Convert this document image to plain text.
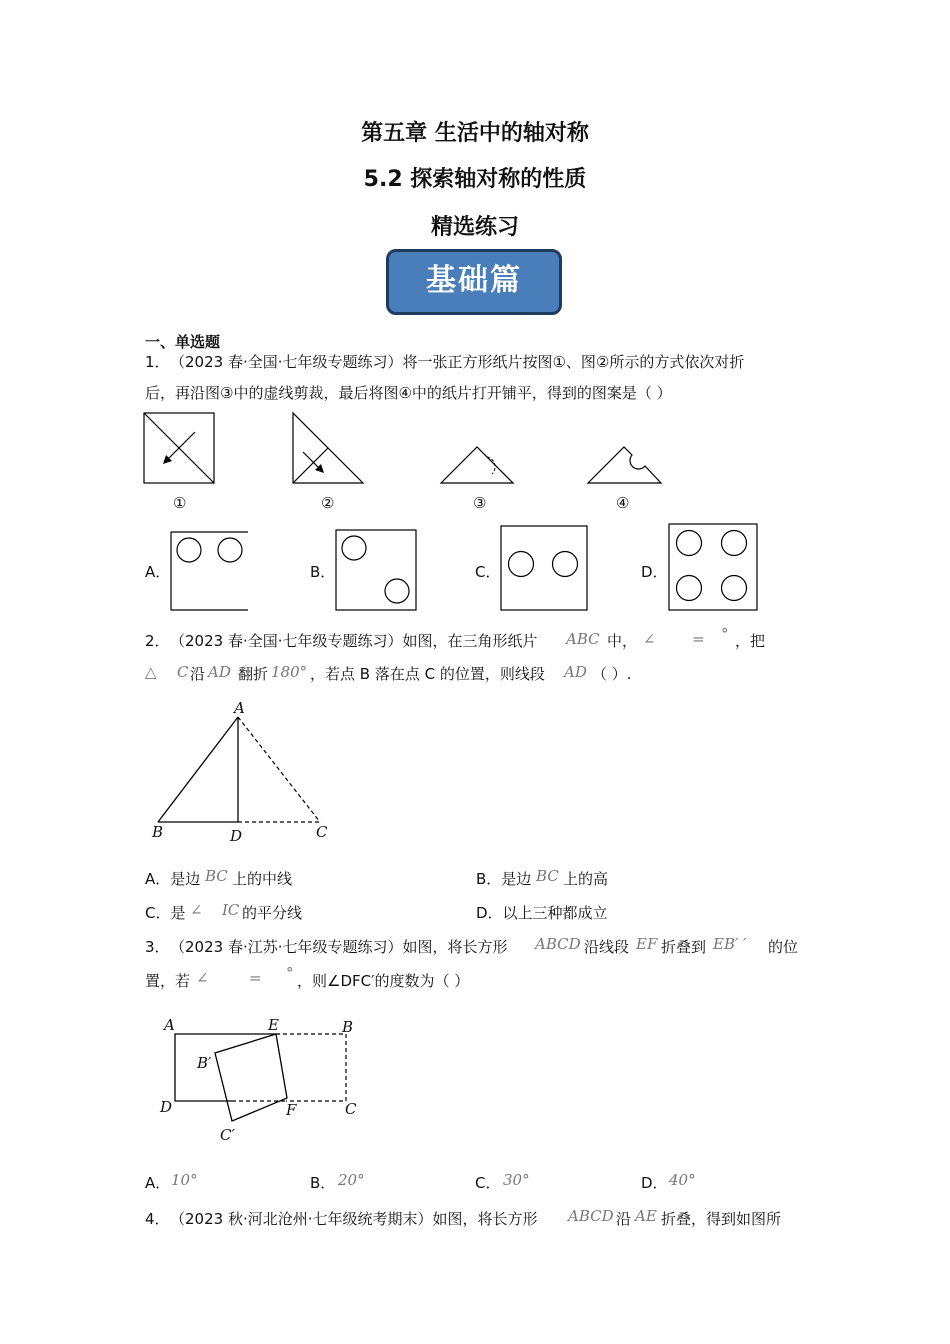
第五章 生活中的轴对称
5.2 探索轴对称的性质
精选练习
基础篇
一、单选题
1． （2023 春·全国·七年级专题练习）将一张正方形纸片按图①、图②所示的方式依次对折
后，再沿图③中的虚线剪裁，最后将图④中的纸片打开铺平，得到的图案是（ ）
①	②	③	④
A．	B．	C．	D．
2． （2023 春·全国·七年级专题练习）如图，在三角形纸片 ABC 中， ∠ = ° ，把
△ C 沿 AD 翻折 180° ，若点 B 落在点 C 的位置，则线段 AD （ ）.
A
B	D	C
A．是边 BC 上的中线	B．是边 BC 上的高
C．是 ∠ IC 的平分线	D．以上三种都成立
3． （2023 春·江苏·七年级专题练习）如图，将长方形 ABCD 沿线段 EF 折叠到 EB′ ′ 的位
置，若 ∠	= ° ，则∠DFC′的度数为（ ）
A	E	B
B′
D	F	C
C′
A． 10°	B． 20°	C． 30°	D． 40°
4． （2023 秋·河北沧州·七年级统考期末）如图，将长方形 ABCD 沿 AE 折叠，得到如图所
